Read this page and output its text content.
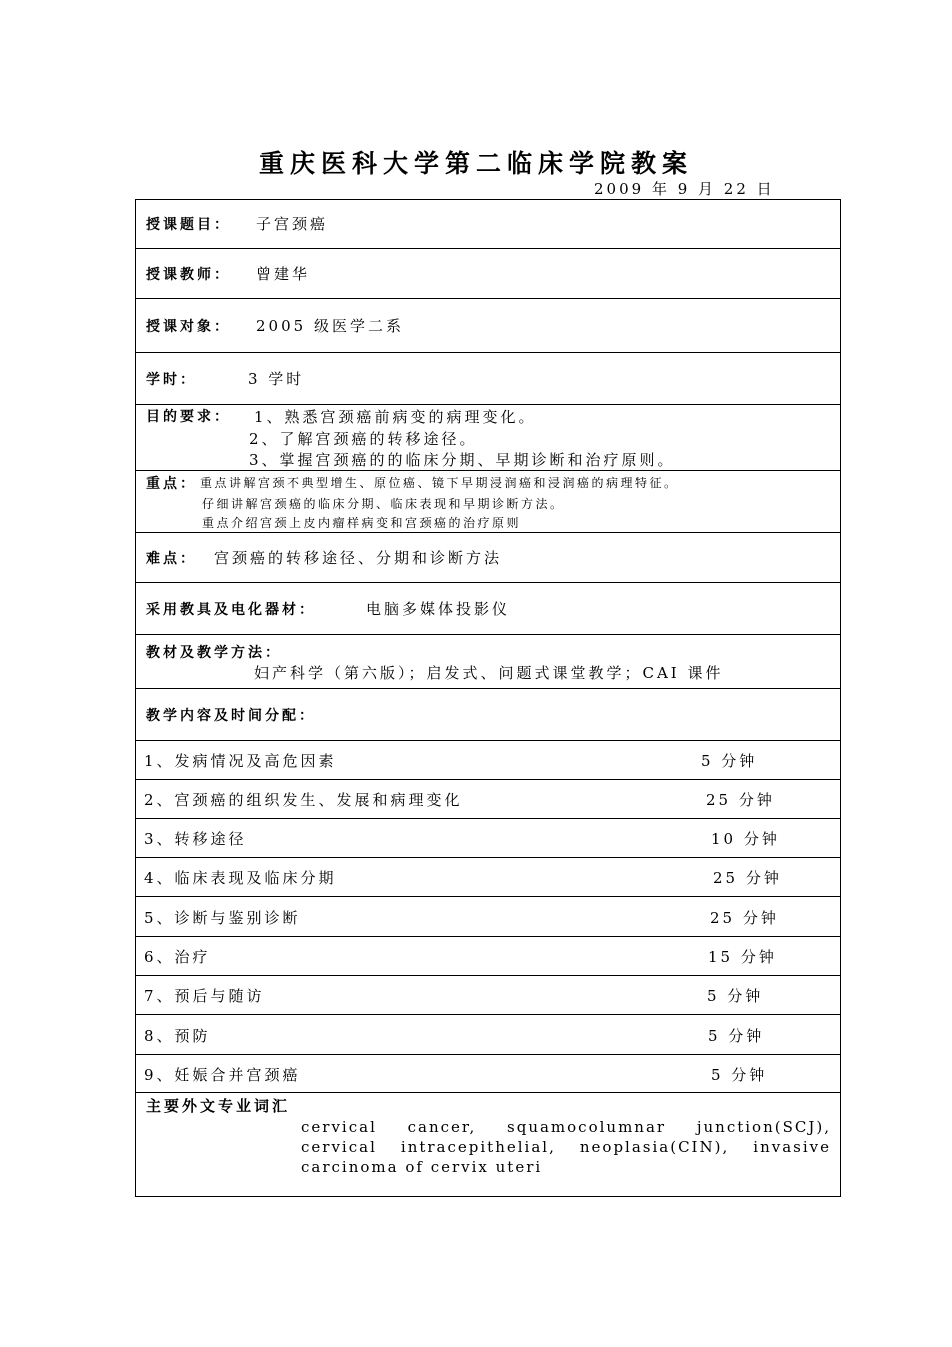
重庆医科大学第二临床学院教案
2009 年 9 月 22 日
授课题目： 子宫颈癌
授课教师： 曾建华
授课对象： 2005 级医学二系
学时：	3 学时
目的要求： 1、熟悉宫颈癌前病变的病理变化。
2、了解宫颈癌的转移途径。
3、掌握宫颈癌的的临床分期、早期诊断和治疗原则。
重点： 重点讲解宫颈不典型增生、原位癌、镜下早期浸润癌和浸润癌的病理特征。
仔细讲解宫颈癌的临床分期、临床表现和早期诊断方法。
重点介绍宫颈上皮内瘤样病变和宫颈癌的治疗原则
难点： 宫颈癌的转移途径、分期和诊断方法
采用教具及电化器材：	电脑多媒体投影仪
教材及教学方法：
妇产科学（第六版）；启发式、问题式课堂教学；CAI 课件
教学内容及时间分配：
1、发病情况及高危因素	5 分钟
2、宫颈癌的组织发生、发展和病理变化	25 分钟
3、转移途径	10 分钟
4、临床表现及临床分期	25 分钟
5、诊断与鉴别诊断	25 分钟
6、治疗	15 分钟
7、预后与随访	5 分钟
8、预防	5 分钟
9、妊娠合并宫颈癌	5 分钟
主要外文专业词汇
cervical cancer, squamocolumnar junction(SCJ), cervical intracepithelial, neoplasia(CIN), invasive carcinoma of cervix uteri
